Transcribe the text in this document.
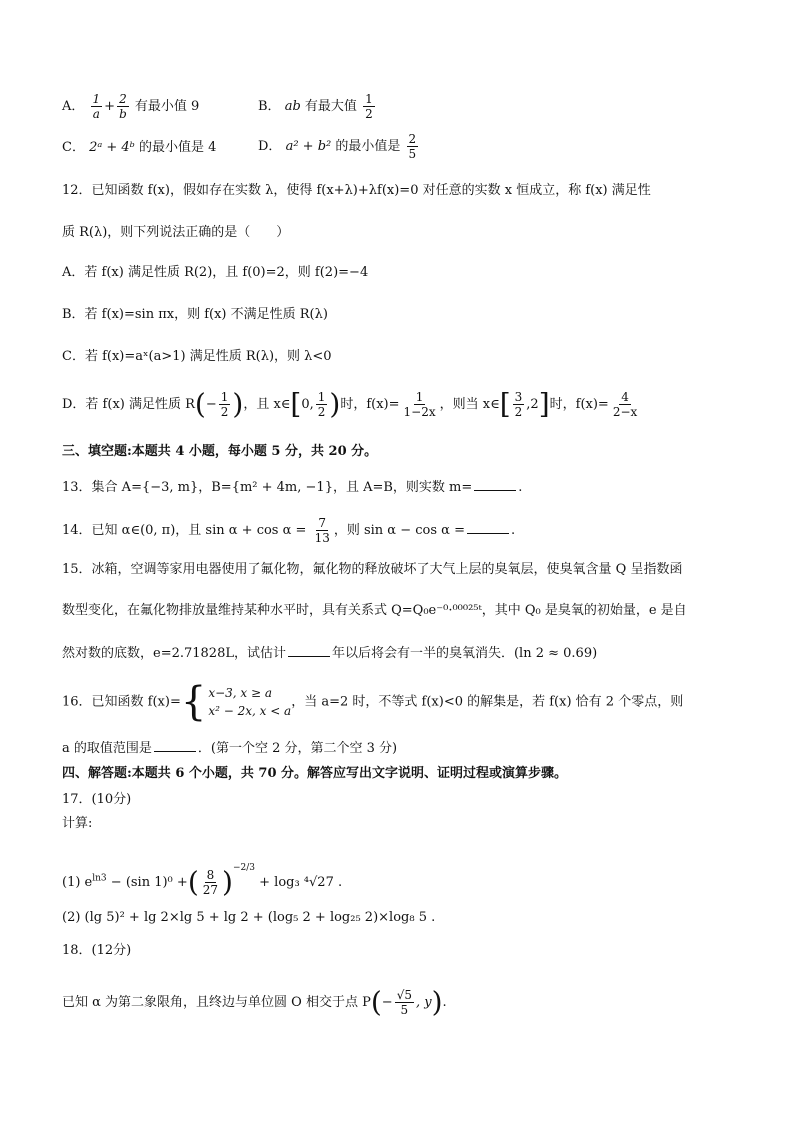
A． $\frac{1}{a} + \frac{2}{b}$ 有最小值 9	B． ab 有最大值 $\frac{1}{2}$
C． 2ᵃ + 4ᵇ 的最小值是 4	D． a² + b² 的最小值是 $\frac{2}{5}$
12．已知函数 f(x)，假如存在实数 λ，使得 f(x+λ)+λf(x)=0 对任意的实数 x 恒成立，称 f(x) 满足性
质 R(λ)，则下列说法正确的是（　　）
A．若 f(x) 满足性质 R(2)，且 f(0)=2，则 f(2)=−4
B．若 f(x)=sin πx，则 f(x) 不满足性质 R(λ)
C．若 f(x)=aˣ(a>1) 满足性质 R(λ)，则 λ<0
D．若 f(x) 满足性质 $R(- \frac{1}{2}$ )，且 x∈[0, $\frac{1}{2}$ )时，$f(x)= \frac{1}{1-2x}$ ，则当 x∈[ $\frac{3}{2} ,2$]时，$f(x)= \frac{4}{2-x}$
三、填空题:本题共 4 小题，每小题 5 分，共 20 分。
13．集合 A={−3, m}，B={m² + 4m, −1}，且 A=B，则实数 m=	.
14．已知 α∈(0, π)，且 $\sin \alpha + \cos \alpha = \frac{7}{13}$ ，则 sin α − cos α =	.
15．冰箱，空调等家用电器使用了氟化物，氟化物的释放破坏了大气上层的臭氧层，使臭氧含量 Q 呈指数函
数型变化，在氟化物排放量维持某种水平时，具有关系式 Q=Q₀e⁻⁰·⁰⁰⁰²⁵ᵗ，其中 Q₀ 是臭氧的初始量，e 是自
然对数的底数，e=2.71828L，试估计	年以后将会有一半的臭氧消失．(ln 2 ≈ 0.69)
16．已知函数 f(x)={ x−3, x ≥ a
x² − 2x, x < a
，当 a=2 时，不等式 f(x)<0 的解集是，若 f(x) 恰有 2 个零点，则
a 的取值范围是	．(第一个空 2 分，第二个空 3 分)
四、解答题:本题共 6 个小题，共 70 分。解答应写出文字说明、证明过程或演算步骤。
17．(10分)
计算:
(1) $e^{ln3} - (\sin$ 1)⁰ +( $\frac{8}{27} )^{-2/3} + \log_3$ ⁴√27 .
(2) (lg 5)² + lg 2×lg 5 + lg 2 + (log₅ 2 + log₂₅ 2)×log₈ 5 .
18．(12分)
已知 α 为第二象限角，且终边与单位圆 O 相交于点 $P(- \frac{√5}{5}$ , y).
